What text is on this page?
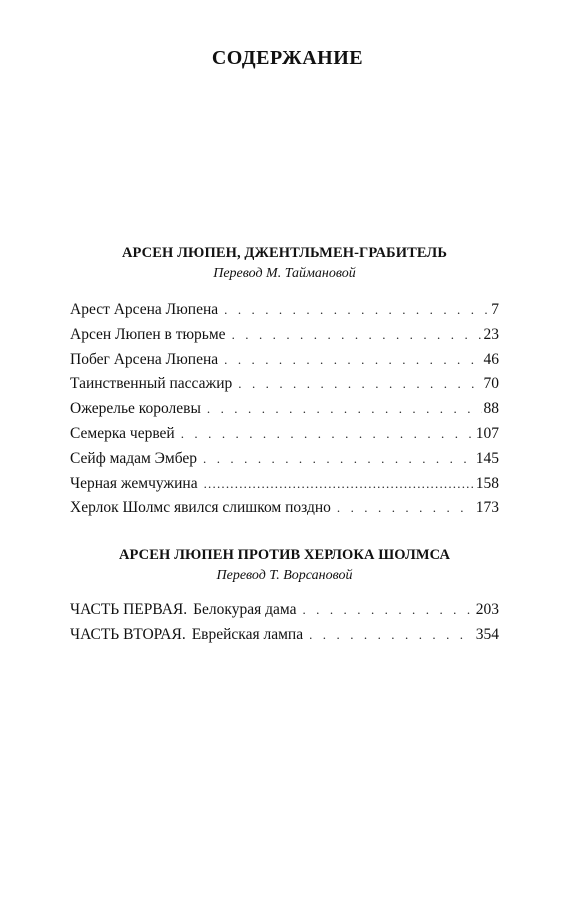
СОДЕРЖАНИЕ
АРСЕН ЛЮПЕН, ДЖЕНТЛЬМЕН-ГРАБИТЕЛЬ
Перевод М. Таймановой
Арест Арсена Люпена . . .	7
Арсен Люпен в тюрьме . . .	23
Побег Арсена Люпена . . .	46
Таинственный пассажир . . .	70
Ожерелье королевы . . .	88
Семерка червей . . .	107
Сейф мадам Эмбер . . .	145
Черная жемчужина .....	158
Херлок Шолмс явился слишком поздно . . .	173
АРСЕН ЛЮПЕН ПРОТИВ ХЕРЛОКА ШОЛМСА
Перевод Т. Ворсановой
ЧАСТЬ ПЕРВАЯ. Белокурая дама . . .	203
ЧАСТЬ ВТОРАЯ. Еврейская лампа . . .	354
